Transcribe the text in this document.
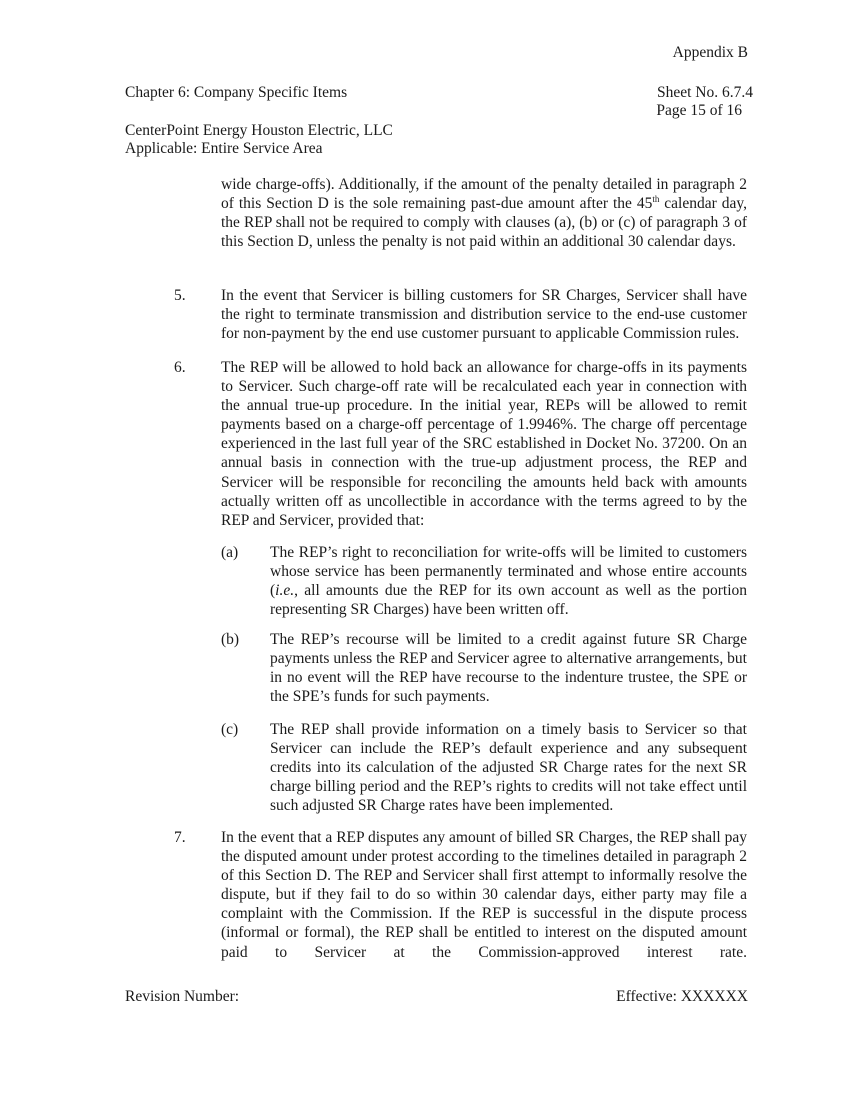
Appendix B
Chapter 6: Company Specific Items	Sheet No. 6.7.4
Page 15 of 16
CenterPoint Energy Houston Electric, LLC
Applicable: Entire Service Area
wide charge-offs). Additionally, if the amount of the penalty detailed in paragraph 2 of this Section D is the sole remaining past-due amount after the 45th calendar day, the REP shall not be required to comply with clauses (a), (b) or (c) of paragraph 3 of this Section D, unless the penalty is not paid within an additional 30 calendar days.
5. In the event that Servicer is billing customers for SR Charges, Servicer shall have the right to terminate transmission and distribution service to the end-use customer for non-payment by the end use customer pursuant to applicable Commission rules.
6. The REP will be allowed to hold back an allowance for charge-offs in its payments to Servicer. Such charge-off rate will be recalculated each year in connection with the annual true-up procedure. In the initial year, REPs will be allowed to remit payments based on a charge-off percentage of 1.9946%. The charge off percentage experienced in the last full year of the SRC established in Docket No. 37200. On an annual basis in connection with the true-up adjustment process, the REP and Servicer will be responsible for reconciling the amounts held back with amounts actually written off as uncollectible in accordance with the terms agreed to by the REP and Servicer, provided that:
(a) The REP’s right to reconciliation for write-offs will be limited to customers whose service has been permanently terminated and whose entire accounts (i.e., all amounts due the REP for its own account as well as the portion representing SR Charges) have been written off.
(b) The REP’s recourse will be limited to a credit against future SR Charge payments unless the REP and Servicer agree to alternative arrangements, but in no event will the REP have recourse to the indenture trustee, the SPE or the SPE’s funds for such payments.
(c) The REP shall provide information on a timely basis to Servicer so that Servicer can include the REP’s default experience and any subsequent credits into its calculation of the adjusted SR Charge rates for the next SR charge billing period and the REP’s rights to credits will not take effect until such adjusted SR Charge rates have been implemented.
7. In the event that a REP disputes any amount of billed SR Charges, the REP shall pay the disputed amount under protest according to the timelines detailed in paragraph 2 of this Section D. The REP and Servicer shall first attempt to informally resolve the dispute, but if they fail to do so within 30 calendar days, either party may file a complaint with the Commission. If the REP is successful in the dispute process (informal or formal), the REP shall be entitled to interest on the disputed amount paid to Servicer at the Commission-approved interest rate.
Revision Number:	Effective: XXXXXX
